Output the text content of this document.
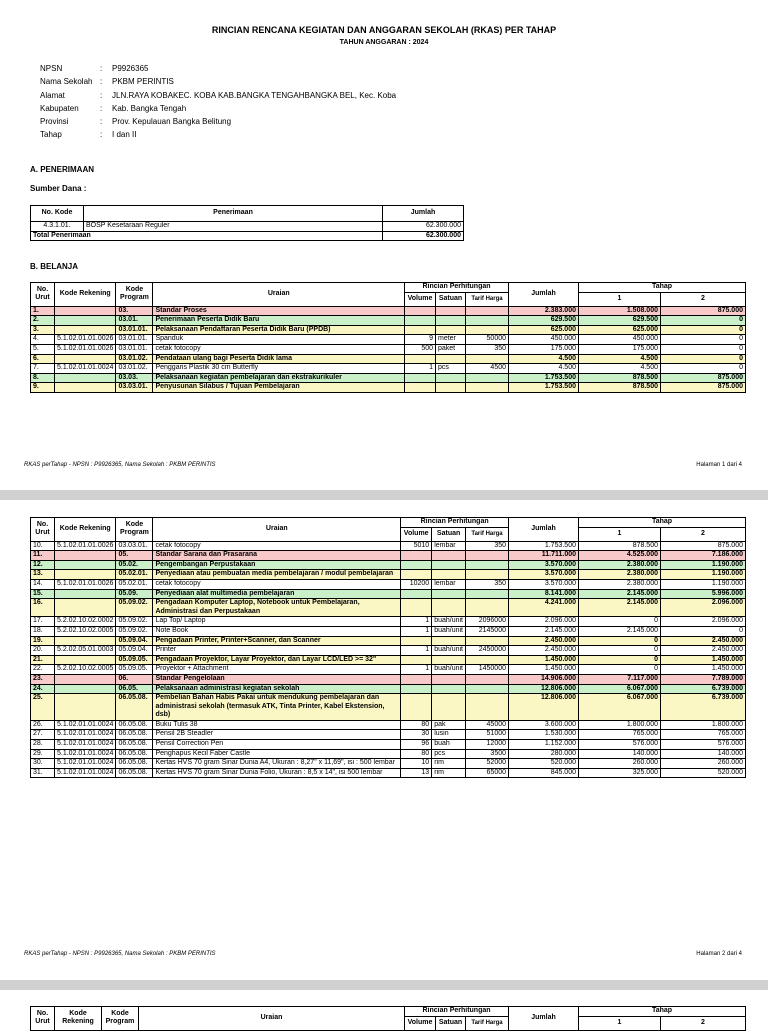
RINCIAN RENCANA KEGIATAN DAN ANGGARAN SEKOLAH (RKAS) PER TAHAP
TAHUN ANGGARAN : 2024
NPSN	:	P9926365
Nama Sekolah :	PKBM PERINTIS
Alamat	:	JLN.RAYA KOBAKEC. KOBA KAB.BANGKA TENGAHBANGKA BEL, Kec. Koba
Kabupaten	:	Kab. Bangka Tengah
Provinsi	:	Prov. Kepulauan Bangka Belitung
Tahap	:	I dan II
A. PENERIMAAN
Sumber Dana :
No. Kode	Penerimaan	Jumlah
4.3.1.01.	BOSP Kesetaraan Reguler	62.300.000
Total Penerimaan		62.300.000
B. BELANJA
No. Urut	Kode Rekening	Kode Program	Uraian	Rincian Perhitungan			Jumlah	Tahap	
				Volume	Satuan	Tarif Harga		1	2
1.		03.	Standar Proses				2.383.000	1.508.000	875.000
2.		03.01.	Penerimaan Peserta Didik Baru				629.500	629.500	0
3.		03.01.01.	Pelaksanaan Pendaftaran Peserta Didik Baru (PPDB)				625.000	625.000	0
4.	5.1.02.01.01.0026	03.01.01.	Spanduk	9	meter	50000	450.000	450.000	0
5.	5.1.02.01.01.0026	03.01.01.	cetak fotocopy	500	paket	350	175.000	175.000	0
6.		03.01.02.	Pendataan ulang bagi Peserta Didik lama				4.500	4.500	0
7.	5.1.02.01.01.0024	03.01.02.	Penggaris Plastik 30 cm Butterfly	1	pcs	4500	4.500	4.500	0
8.		03.03.	Pelaksanaan kegiatan pembelajaran dan ekstrakurikuler				1.753.500	878.500	875.000
9.		03.03.01.	Penyusunan Silabus / Tujuan Pembelajaran				1.753.500	878.500	875.000
RKAS perTahap - NPSN : P9926365, Nama Sekolah : PKBM PERINTIS	Halaman 1 dari 4
No. Urut	Kode Rekening	Kode Program	Uraian	Rincian Perhitungan			Jumlah	Tahap	
				Volume	Satuan	Tarif Harga		1	2
10.	5.1.02.01.01.0026	03.03.01.	cetak fotocopy	5010	lembar	350	1.753.500	878.500	875.000
11.		05.	Standar Sarana dan Prasarana				11.711.000	4.525.000	7.186.000
12.		05.02.	Pengembangan Perpustakaan				3.570.000	2.380.000	1.190.000
13.		05.02.01.	Penyediaan atau pembuatan media pembelajaran / modul pembelajaran				3.570.000	2.380.000	1.190.000
14.	5.1.02.01.01.0026	05.02.01.	cetak fotocopy	10200	lembar	350	3.570.000	2.380.000	1.190.000
15.		05.09.	Penyediaan alat multimedia pembelajaran				8.141.000	2.145.000	5.996.000
16.		05.09.02.	Pengadaan Komputer Laptop, Notebook untuk Pembelajaran, Administrasi dan Perpustakaan				4.241.000	2.145.000	2.096.000
17.	5.2.02.10.02.0002	05.09.02.	Lap Top/ Laptop	1	buah/unit	2096000	2.096.000	0	2.096.000
18.	5.2.02.10.02.0005	05.09.02.	Note Book	1	buah/unit	2145000	2.145.000	2.145.000	0
19.		05.09.04.	Pengadaan Printer, Printer+Scanner, dan Scanner				2.450.000	0	2.450.000
20.	5.2.02.05.01.0003	05.09.04.	Printer	1	buah/unit	2450000	2.450.000	0	2.450.000
21.		05.09.05.	Pengadaan Proyektor, Layar Proyektor, dan Layar LCD/LED >= 32"				1.450.000	0	1.450.000
22.	5.2.02.10.02.0005	05.09.05.	Proyektor + Attachment	1	buah/unit	1450000	1.450.000	0	1.450.000
23.		06.	Standar Pengelolaan				14.906.000	7.117.000	7.789.000
24.		06.05.	Pelaksanaan administrasi kegiatan sekolah				12.806.000	6.067.000	6.739.000
25.		06.05.08.	Pembelian Bahan Habis Pakai untuk mendukung pembelajaran dan administrasi sekolah (termasuk ATK, Tinta Printer, Kabel Ekstension, dsb)				12.806.000	6.067.000	6.739.000
26.	5.1.02.01.01.0024	06.05.08.	Buku Tulis 38	80	pak	45000	3.600.000	1.800.000	1.800.000
27.	5.1.02.01.01.0024	06.05.08.	Pensil 2B Steadler	30	lusin	51000	1.530.000	765.000	765.000
28.	5.1.02.01.01.0024	06.05.08.	Pensil Correction Pen	96	buah	12000	1.152.000	576.000	576.000
29.	5.1.02.01.01.0024	06.05.08.	Penghapus Kecil Faber Castle	80	pcs	3500	280.000	140.000	140.000
30.	5.1.02.01.01.0024	06.05.08.	Kertas HVS 70 gram Sinar Dunia A4, Ukuran : 8,27" x 11,69", isi : 500 lembar	10	rim	52000	520.000	260.000	260.000
31.	5.1.02.01.01.0024	06.05.08.	Kertas HVS 70 gram Sinar Dunia Folio, Ukuran : 8,5 x 14", isi 500 lembar	13	rim	65000	845.000	325.000	520.000
RKAS perTahap - NPSN : P9926365, Nama Sekolah : PKBM PERINTIS	Halaman 2 dari 4
No. Urut	Kode Rekening	Kode Program	Uraian	Rincian Perhitungan			Jumlah	Tahap	
				Volume	Satuan	Tarif Harga		1	2
